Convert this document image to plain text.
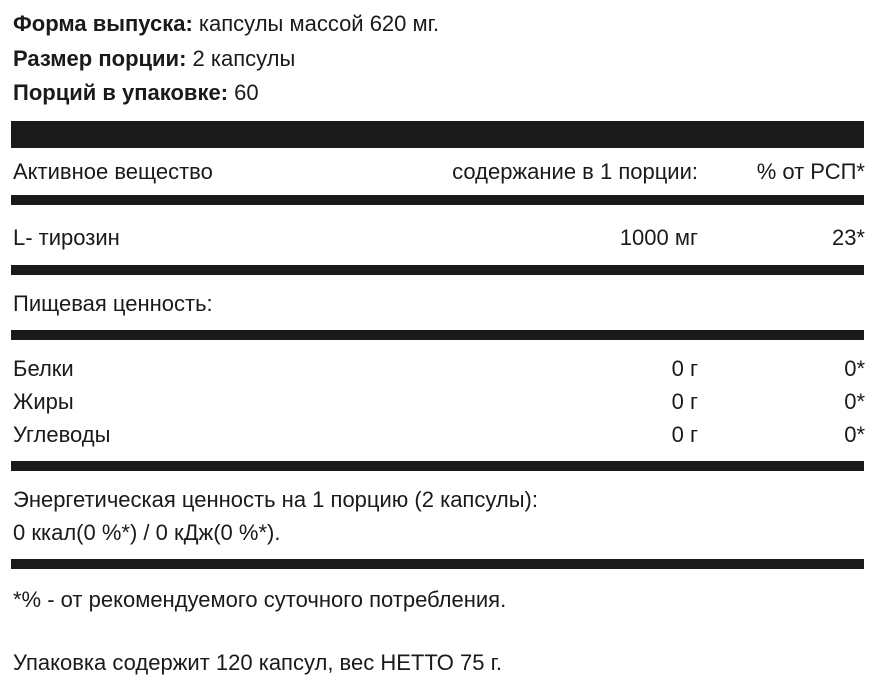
Форма выпуска: капсулы массой 620 мг.
Размер порции: 2 капсулы
Порций в упаковке: 60
Активное вещество	содержание в 1 порции:	% от РСП*
L- тирозин	1000 мг	23*
Пищевая ценность:
Белки	0 г	0*
Жиры	0 г	0*
Углеводы	0 г	0*
Энергетическая ценность на 1 порцию (2 капсулы):
0 ккал(0 %*) / 0 кДж(0 %*).
*% - от рекомендуемого суточного потребления.
Упаковка содержит 120 капсул, вес НЕТТО 75 г.
